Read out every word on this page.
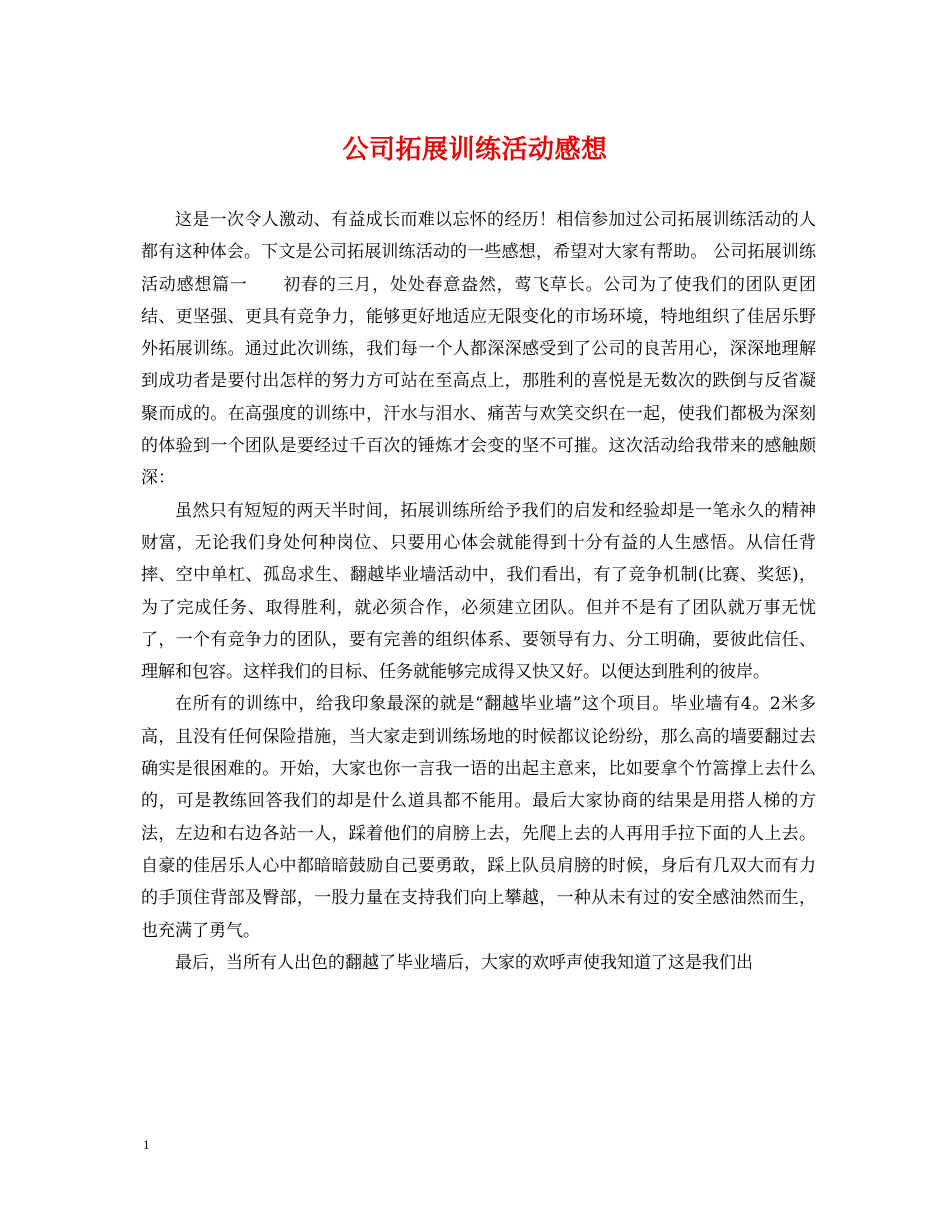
公司拓展训练活动感想

这是一次令人激动、有益成长而难以忘怀的经历！相信参加过公司拓展训练活动的人都有这种体会。下文是公司拓展训练活动的一些感想，希望对大家有帮助。 公司拓展训练活动感想篇一　　初春的三月，处处春意盎然，莺飞草长。公司为了使我们的团队更团结、更坚强、更具有竞争力，能够更好地适应无限变化的市场环境，特地组织了佳居乐野外拓展训练。通过此次训练，我们每一个人都深深感受到了公司的良苦用心，深深地理解 到成功者是要付出怎样的努力方可站在至高点上，那胜利的喜悦是无数次的跌倒与反省凝聚而成的。在高强度的训练中，汗水与泪水、痛苦与欢笑交织在一起，使我们都极为深刻的体验到一个团队是要经过千百次的锤炼才会变的坚不可摧。这次活动给我带来的感触颇深：

虽然只有短短的两天半时间，拓展训练所给予我们的启发和经验却是一笔永久的精神财富，无论我们身处何种岗位、只要用心体会就能得到十分有益的人生感悟。从信任背摔、空中单杠、孤岛求生、翻越毕业墙活动中，我们看出，有了竞争机制(比赛、奖惩)，为了完成任务、取得胜利，就必须合作，必须建立团队。但并不是有了团队就万事无忧了，一个有竞争力的团队，要有完善的组织体系、要领导有力、分工明确，要彼此信任、理解和包容。这样我们的目标、任务就能够完成得又快又好。以便达到胜利的彼岸。

在所有的训练中，给我印象最深的就是“翻越毕业墙”这个项目。毕业墙有4。2米多高，且没有任何保险措施，当大家走到训练场地的时候都议论纷纷，那么高的墙要翻过去确实是很困难的。开始，大家也你一言我一语的出起主意来，比如要拿个竹篙撑上去什么的，可是教练回答我们的却是什么道具都不能用。最后大家协商的结果是用搭人梯的方法，左边和右边各站一人，踩着他们的肩膀上去，先爬上去的人再用手拉下面的人上去。自豪的佳居乐人心中都暗暗鼓励自己要勇敢，踩上队员肩膀的时候，身后有几双大而有力的手顶住背部及臀部，一股力量在支持我们向上攀越，一种从未有过的安全感油然而生，也充满了勇气。

最后，当所有人出色的翻越了毕业墙后，大家的欢呼声使我知道了这是我们出

1
